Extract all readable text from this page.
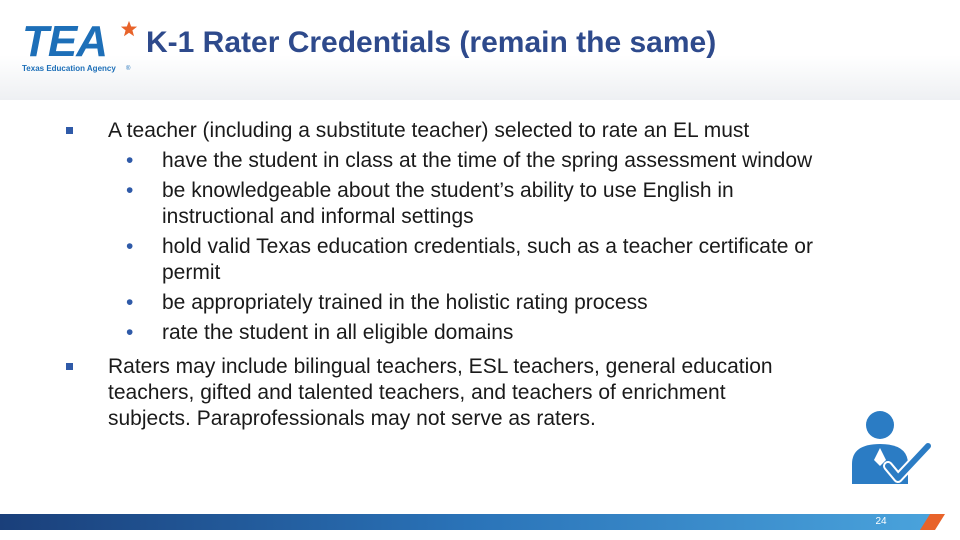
TEA
®
Texas Education Agency
K-1 Rater Credentials (remain the same)
A teacher (including a substitute teacher) selected to rate an EL must
• have the student in class at the time of the spring assessment window
• be knowledgeable about the student’s ability to use English in instructional and informal settings
• hold valid Texas education credentials, such as a teacher certificate or permit
• be appropriately trained in the holistic rating process
• rate the student in all eligible domains
Raters may include bilingual teachers, ESL teachers, general education teachers, gifted and talented teachers, and teachers of enrichment subjects. Paraprofessionals may not serve as raters.
24
